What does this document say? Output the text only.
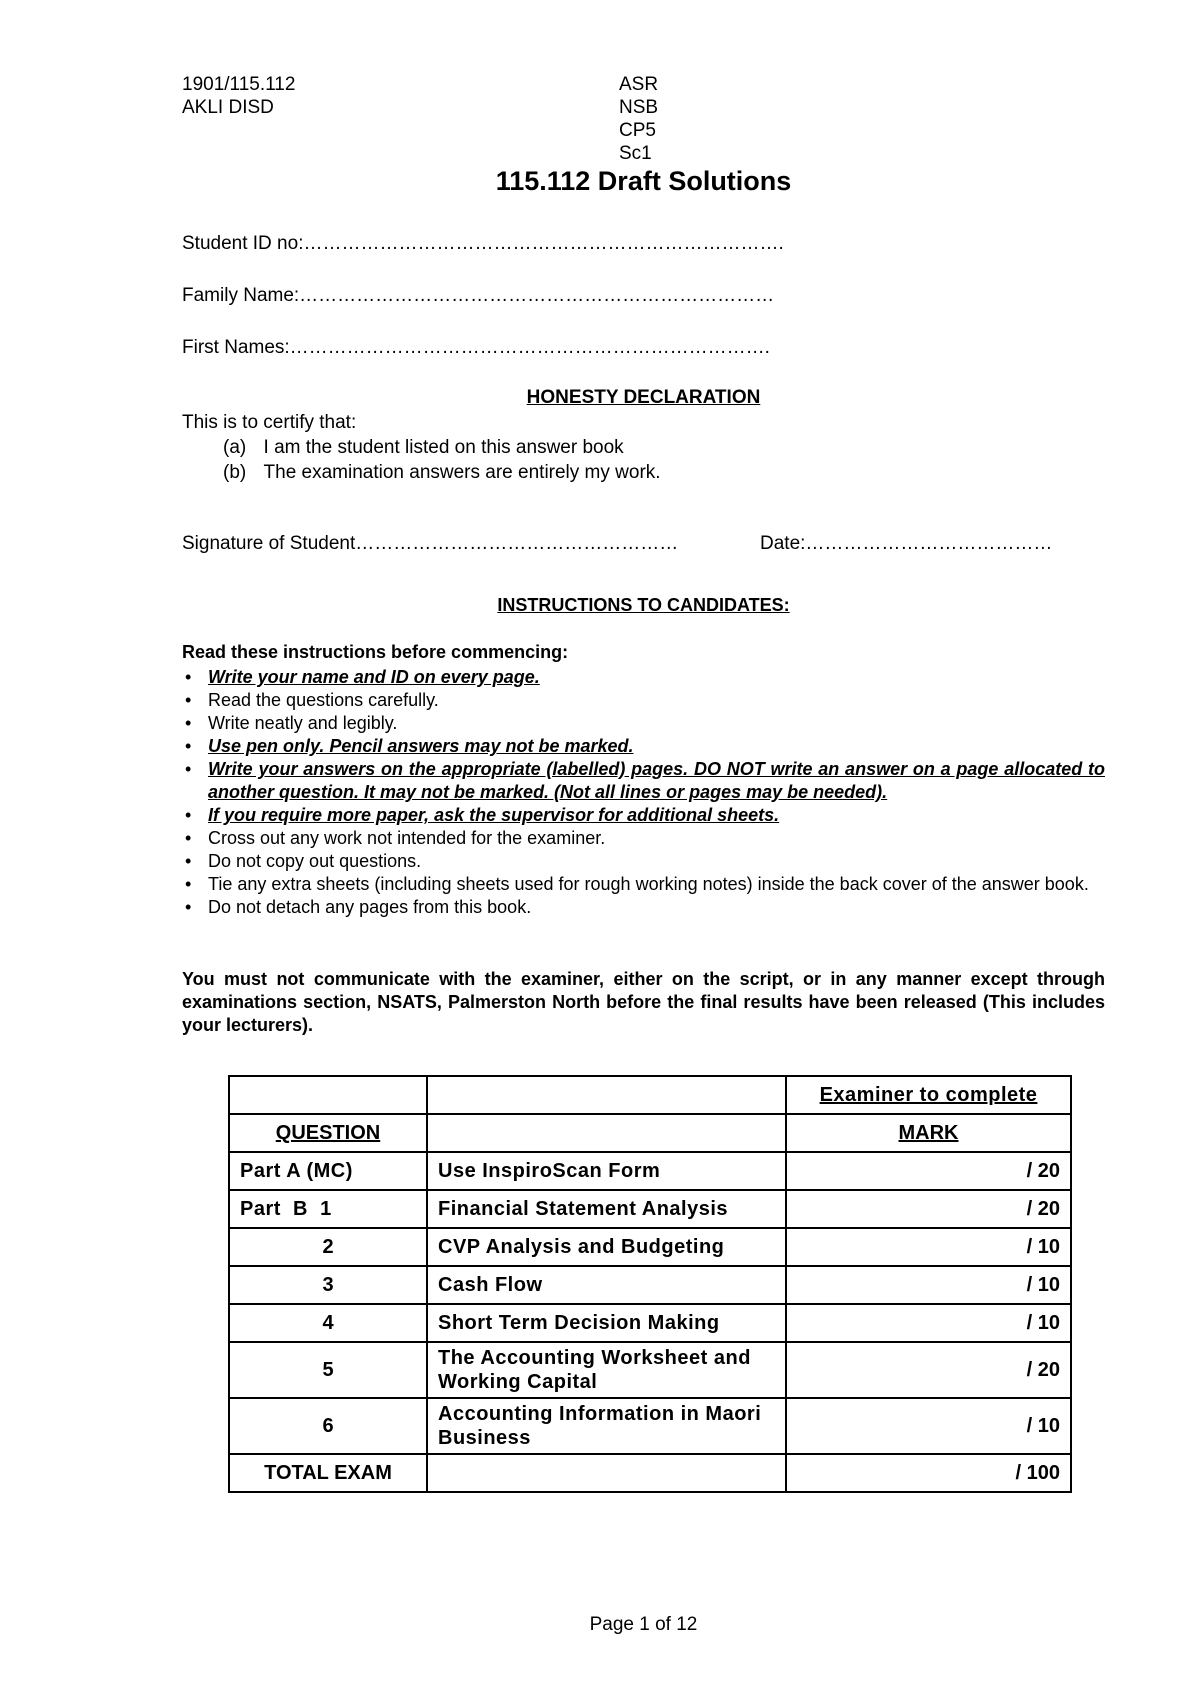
1901/115.112
AKLI DISD
ASR
NSB
CP5
Sc1
115.112 Draft Solutions
Student ID no:………………………………………………………………….
Family Name:…………………………………………………………………
First Names:………………………………………………………………….
HONESTY DECLARATION
This is to certify that:
(a) I am the student listed on this answer book
(b) The examination answers are entirely my work.
Signature of Student……………………………………………	Date:…………………………………
INSTRUCTIONS TO CANDIDATES:
Read these instructions before commencing:
• Write your name and ID on every page.
• Read the questions carefully.
• Write neatly and legibly.
• Use pen only. Pencil answers may not be marked.
• Write your answers on the appropriate (labelled) pages. DO NOT write an answer on a page allocated to another question. It may not be marked. (Not all lines or pages may be needed).
• If you require more paper, ask the supervisor for additional sheets.
• Cross out any work not intended for the examiner.
• Do not copy out questions.
• Tie any extra sheets (including sheets used for rough working notes) inside the back cover of the answer book.
• Do not detach any pages from this book.
You must not communicate with the examiner, either on the script, or in any manner except through examinations section, NSATS, Palmerston North before the final results have been released (This includes your lecturers).
		Examiner to complete
QUESTION		MARK
Part A (MC)	Use InspiroScan Form	/ 20
Part  B  1	Financial Statement Analysis	/ 20
2	CVP Analysis and Budgeting	/ 10
3	Cash Flow	/ 10
4	Short Term Decision Making	/ 10
5	The Accounting Worksheet and Working Capital	/ 20
6	Accounting Information in Maori Business	/ 10
TOTAL EXAM		/ 100
Page 1 of 12
